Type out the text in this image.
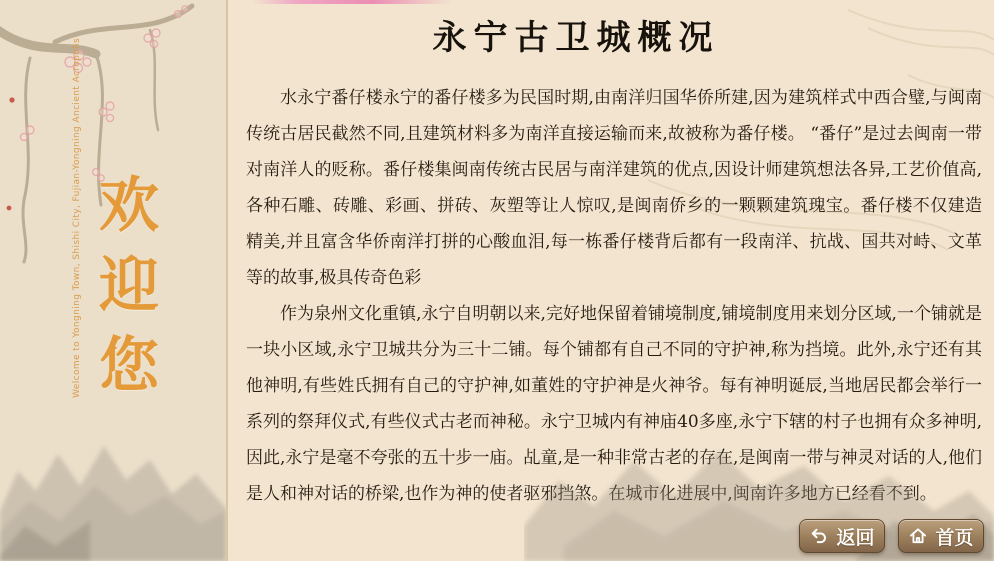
Welcome to Yongning Town, Shishi City, Fujian-Yongning Ancient Acropolis 欢
迎
您
永宁古卫城概况

水永宁番仔楼永宁的番仔楼多为民国时期,由南洋归国华侨所建,因为建筑样式中西合璧,与闽南传统古居民截然不同,且建筑材料多为南洋直接运输而来,故被称为番仔楼。 “番仔”是过去闽南一带对南洋人的贬称。番仔楼集闽南传统古民居与南洋建筑的优点,因设计师建筑想法各异,工艺价值高,各种石雕、砖雕、彩画、拼砖、灰塑等让人惊叹,是闽南侨乡的一颗颗建筑瑰宝。番仔楼不仅建造精美,并且富含华侨南洋打拼的心酸血泪,每一栋番仔楼背后都有一段南洋、抗战、国共对峙、文革等的故事,极具传奇色彩

作为泉州文化重镇,永宁自明朝以来,完好地保留着铺境制度,铺境制度用来划分区域,一个铺就是一块小区域,永宁卫城共分为三十二铺。每个铺都有自己不同的守护神,称为挡境。此外,永宁还有其他神明,有些姓氏拥有自己的守护神,如董姓的守护神是火神爷。每有神明诞辰,当地居民都会举行一系列的祭拜仪式,有些仪式古老而神秘。永宁卫城内有神庙40多座,永宁下辖的村子也拥有众多神明,因此,永宁是毫不夸张的五十步一庙。乩童,是一种非常古老的存在,是闽南一带与神灵对话的人,他们是人和神对话的桥梁,也作为神的使者驱邪挡煞。在城市化进展中,闽南许多地方已经看不到。

返回	首页
